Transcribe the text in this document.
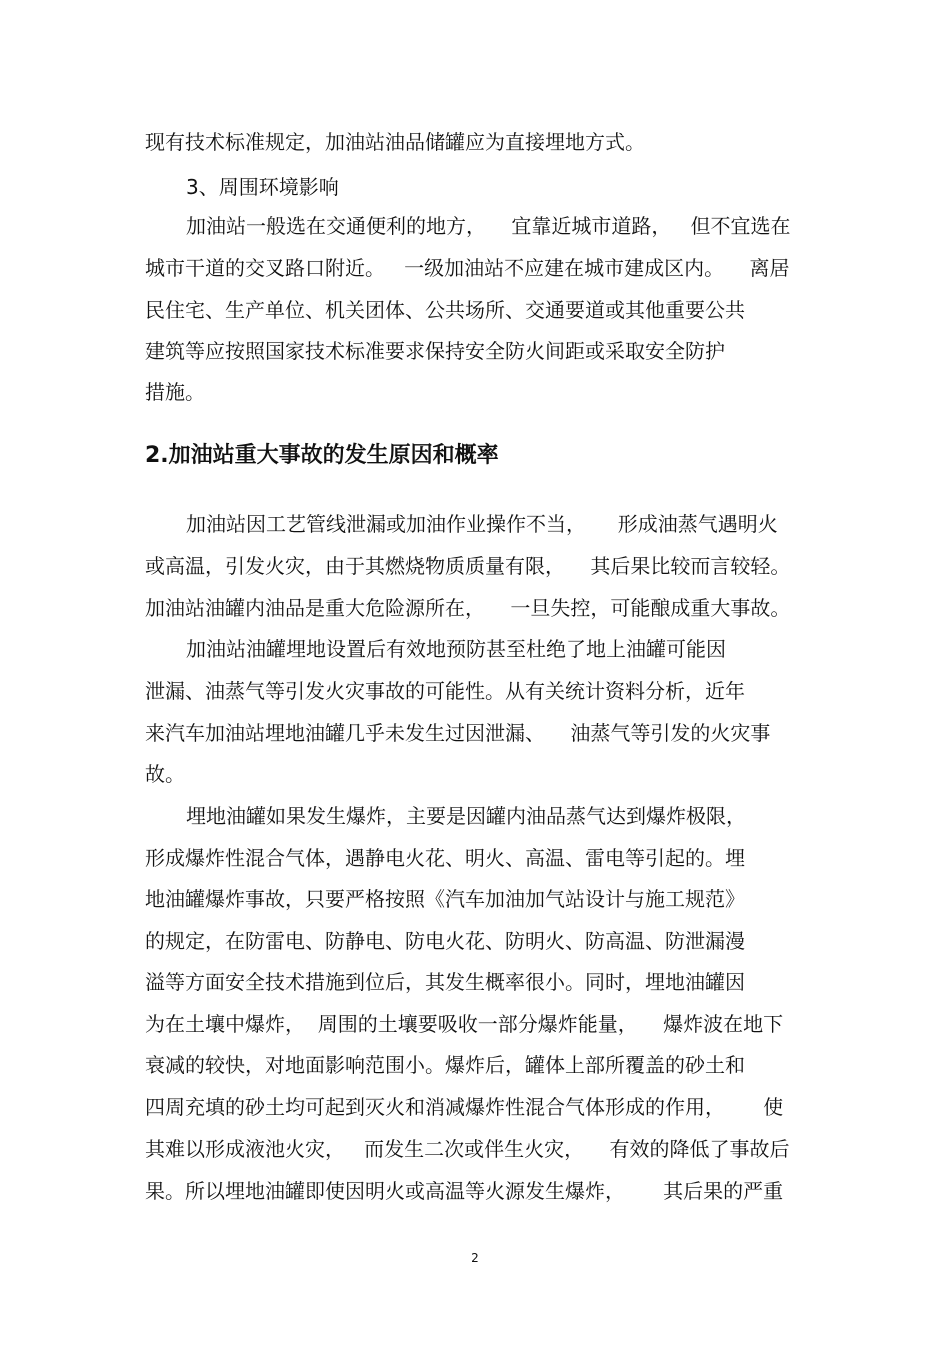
现有技术标准规定，加油站油品储罐应为直接埋地方式。

3、周围环境影响

加油站一般选在交通便利的地方，    宜靠近城市道路，   但不宜选在

城市干道的交叉路口附近。   一级加油站不应建在城市建成区内。    离居

民住宅、生产单位、机关团体、公共场所、交通要道或其他重要公共

建筑等应按照国家技术标准要求保持安全防火间距或采取安全防护

措施。

2.加油站重大事故的发生原因和概率

加油站因工艺管线泄漏或加油作业操作不当，     形成油蒸气遇明火

或高温，引发火灾，由于其燃烧物质质量有限，    其后果比较而言较轻。

加油站油罐内油品是重大危险源所在，    一旦失控，可能酿成重大事故。

加油站油罐埋地设置后有效地预防甚至杜绝了地上油罐可能因

泄漏、油蒸气等引发火灾事故的可能性。从有关统计资料分析，近年

来汽车加油站埋地油罐几乎未发生过因泄漏、    油蒸气等引发的火灾事

故。

埋地油罐如果发生爆炸，主要是因罐内油品蒸气达到爆炸极限，

形成爆炸性混合气体，遇静电火花、明火、高温、雷电等引起的。埋

地油罐爆炸事故，只要严格按照《汽车加油加气站设计与施工规范》

的规定，在防雷电、防静电、防电火花、防明火、防高温、防泄漏漫

溢等方面安全技术措施到位后，其发生概率很小。同时，埋地油罐因

为在土壤中爆炸，  周围的土壤要吸收一部分爆炸能量，    爆炸波在地下

衰减的较快，对地面影响范围小。爆炸后，罐体上部所覆盖的砂土和

四周充填的砂土均可起到灭火和消减爆炸性混合气体形成的作用，      使

其难以形成液池火灾，   而发生二次或伴生火灾，    有效的降低了事故后

果。所以埋地油罐即使因明火或高温等火源发生爆炸，      其后果的严重

2
